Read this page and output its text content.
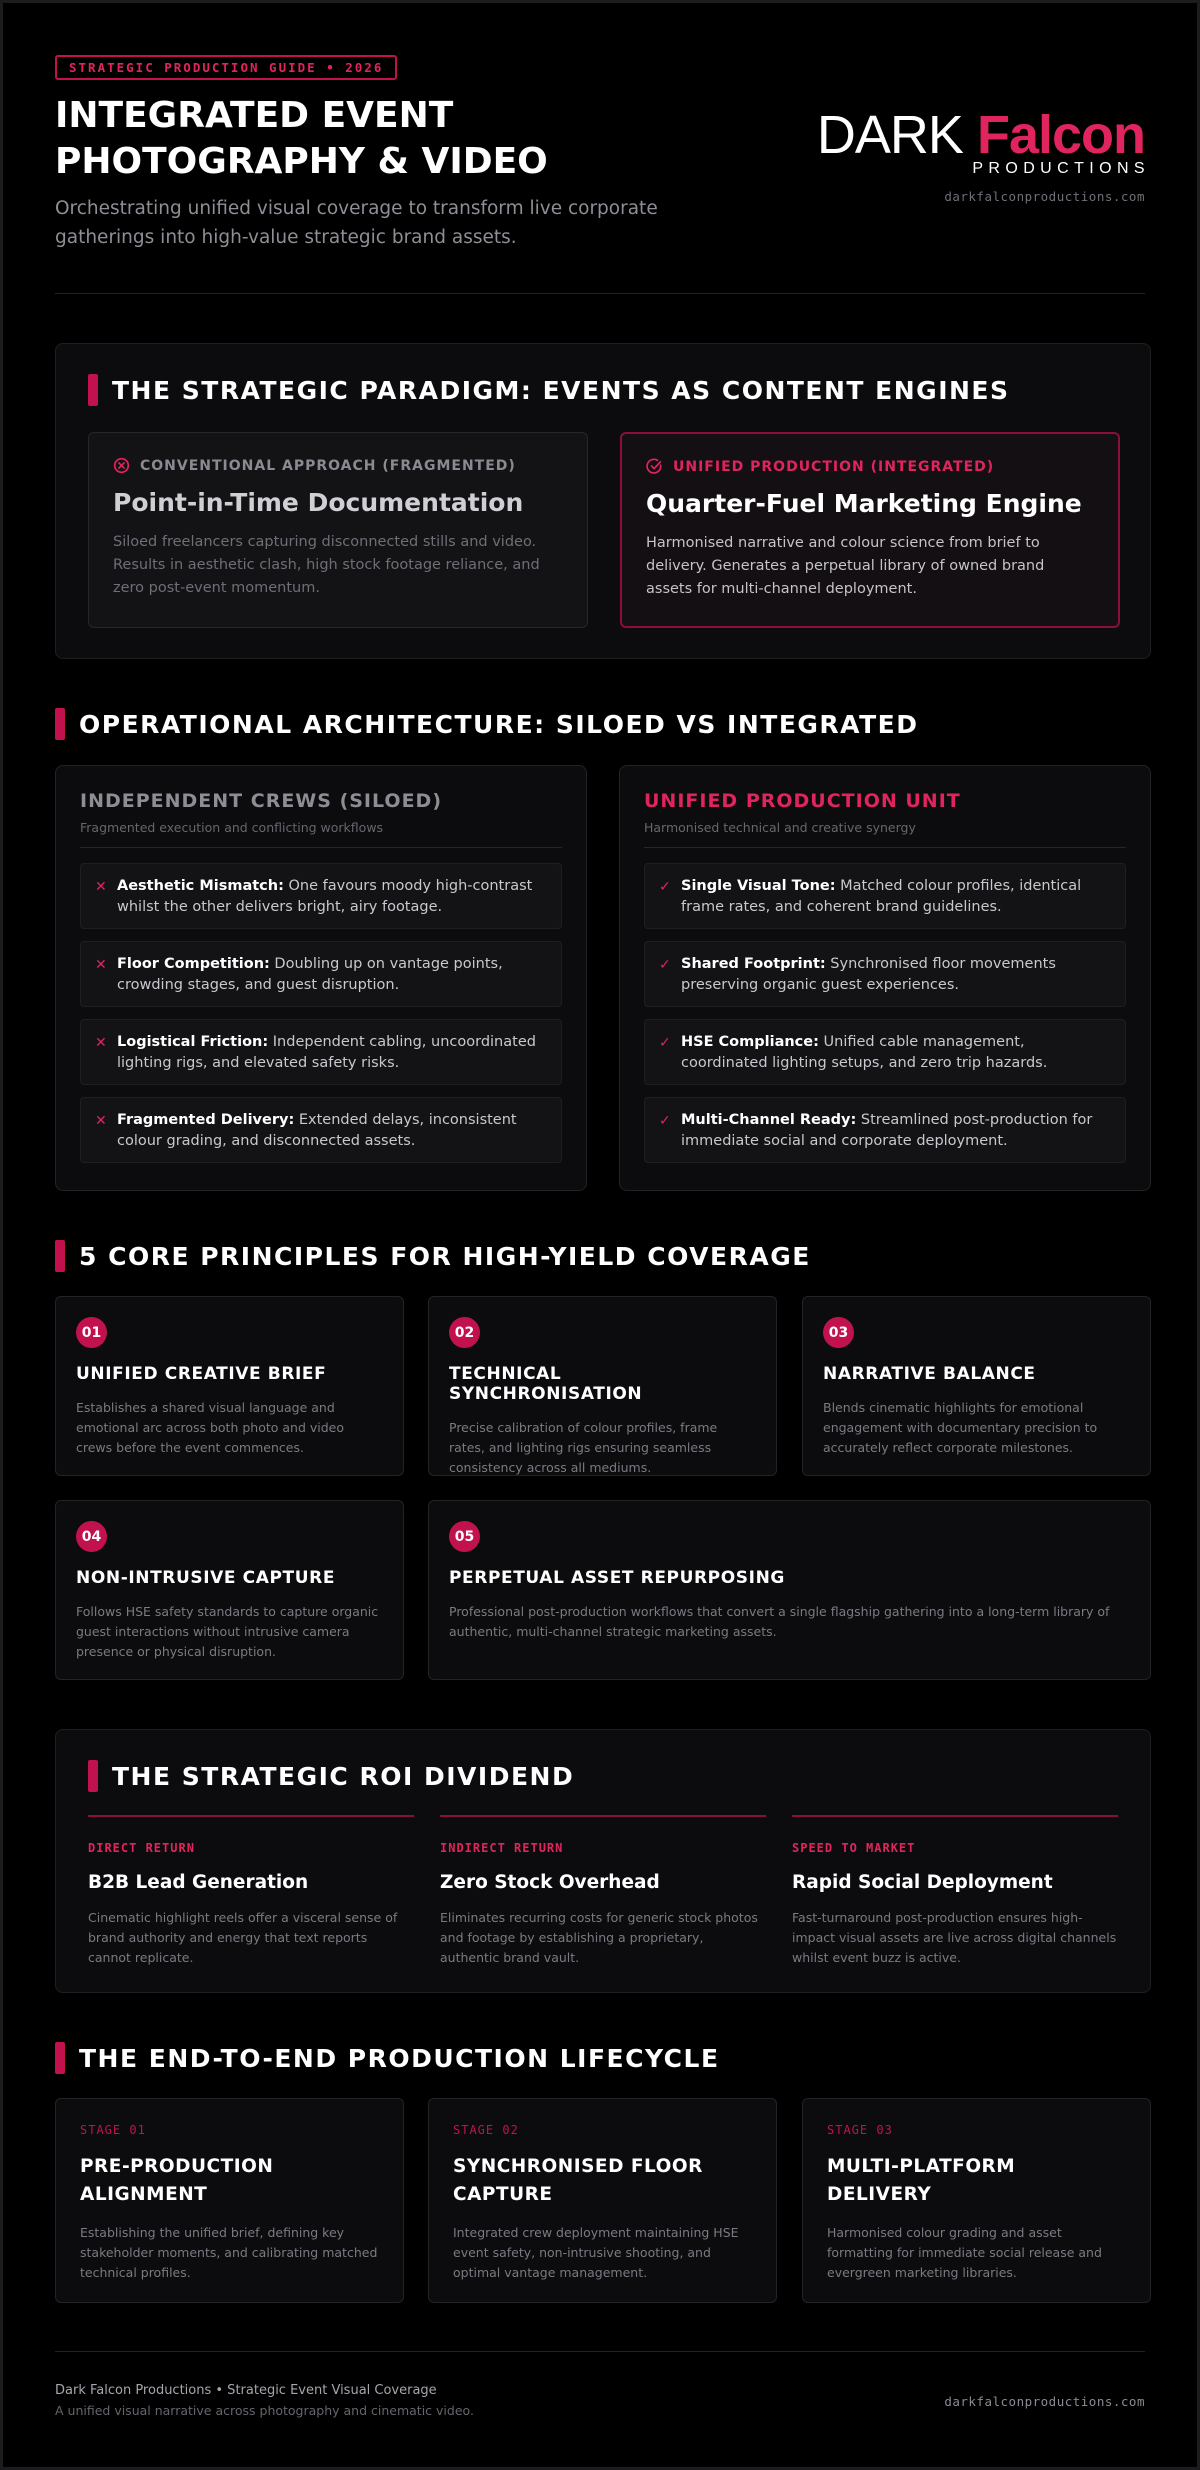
STRATEGIC PRODUCTION GUIDE • 2026
INTEGRATED EVENT PHOTOGRAPHY & VIDEO
Orchestrating unified visual coverage to transform live corporate gatherings into high-value strategic brand assets.
DARK Falcon
PRODUCTIONS
darkfalconproductions.com
THE STRATEGIC PARADIGM: EVENTS AS CONTENT ENGINES
CONVENTIONAL APPROACH (FRAGMENTED)
Point-in-Time Documentation
Siloed freelancers capturing disconnected stills and video. Results in aesthetic clash, high stock footage reliance, and zero post-event momentum.
UNIFIED PRODUCTION (INTEGRATED)
Quarter-Fuel Marketing Engine
Harmonised narrative and colour science from brief to delivery. Generates a perpetual library of owned brand assets for multi-channel deployment.
OPERATIONAL ARCHITECTURE: SILOED VS INTEGRATED
INDEPENDENT CREWS (SILOED)
Fragmented execution and conflicting workflows
✕ Aesthetic Mismatch: One favours moody high-contrast whilst the other delivers bright, airy footage.
✕ Floor Competition: Doubling up on vantage points, crowding stages, and guest disruption.
✕ Logistical Friction: Independent cabling, uncoordinated lighting rigs, and elevated safety risks.
✕ Fragmented Delivery: Extended delays, inconsistent colour grading, and disconnected assets.
UNIFIED PRODUCTION UNIT
Harmonised technical and creative synergy
✓ Single Visual Tone: Matched colour profiles, identical frame rates, and coherent brand guidelines.
✓ Shared Footprint: Synchronised floor movements preserving organic guest experiences.
✓ HSE Compliance: Unified cable management, coordinated lighting setups, and zero trip hazards.
✓ Multi-Channel Ready: Streamlined post-production for immediate social and corporate deployment.
5 CORE PRINCIPLES FOR HIGH-YIELD COVERAGE
01
UNIFIED CREATIVE BRIEF
Establishes a shared visual language and emotional arc across both photo and video crews before the event commences.
02
TECHNICAL SYNCHRONISATION
Precise calibration of colour profiles, frame rates, and lighting rigs ensuring seamless consistency across all mediums.
03
NARRATIVE BALANCE
Blends cinematic highlights for emotional engagement with documentary precision to accurately reflect corporate milestones.
04
NON-INTRUSIVE CAPTURE
Follows HSE safety standards to capture organic guest interactions without intrusive camera presence or physical disruption.
05
PERPETUAL ASSET REPURPOSING
Professional post-production workflows that convert a single flagship gathering into a long-term library of authentic, multi-channel strategic marketing assets.
THE STRATEGIC ROI DIVIDEND
DIRECT RETURN
B2B Lead Generation
Cinematic highlight reels offer a visceral sense of brand authority and energy that text reports cannot replicate.
INDIRECT RETURN
Zero Stock Overhead
Eliminates recurring costs for generic stock photos and footage by establishing a proprietary, authentic brand vault.
SPEED TO MARKET
Rapid Social Deployment
Fast-turnaround post-production ensures high-impact visual assets are live across digital channels whilst event buzz is active.
THE END-TO-END PRODUCTION LIFECYCLE
STAGE 01
PRE-PRODUCTION ALIGNMENT
Establishing the unified brief, defining key stakeholder moments, and calibrating matched technical profiles.
STAGE 02
SYNCHRONISED FLOOR CAPTURE
Integrated crew deployment maintaining HSE event safety, non-intrusive shooting, and optimal vantage management.
STAGE 03
MULTI-PLATFORM DELIVERY
Harmonised colour grading and asset formatting for immediate social release and evergreen marketing libraries.
Dark Falcon Productions • Strategic Event Visual Coverage
A unified visual narrative across photography and cinematic video.
darkfalconproductions.com
